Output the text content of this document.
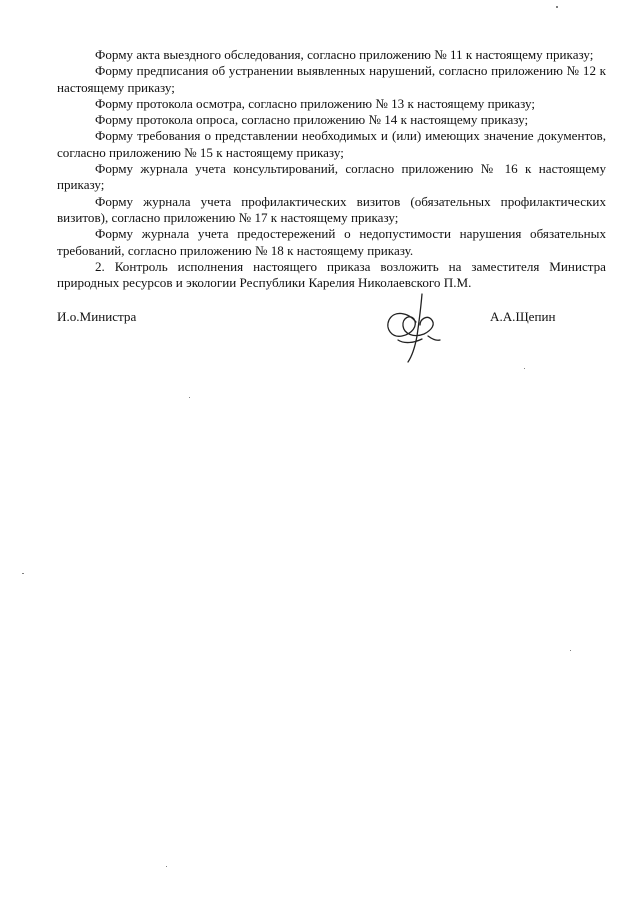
Форму акта выездного обследования, согласно приложению № 11 к настоящему приказу;

Форму предписания об устранении выявленных нарушений, согласно приложению № 12 к настоящему приказу;

Форму протокола осмотра, согласно приложению № 13 к настоящему приказу;

Форму протокола опроса, согласно приложению № 14 к настоящему приказу;

Форму требования о представлении необходимых и (или) имеющих значение документов, согласно приложению № 15 к настоящему приказу;

Форму журнала учета консультирований, согласно приложению № 16 к настоящему приказу;

Форму журнала учета профилактических визитов (обязательных профилактических визитов), согласно приложению № 17 к настоящему приказу;

Форму журнала учета предостережений о недопустимости нарушения обязательных требований, согласно приложению № 18 к настоящему приказу.

2. Контроль исполнения настоящего приказа возложить на заместителя Министра природных ресурсов и экологии Республики Карелия Николаевского П.М.

И.о.Министра	А.А.Щепин
